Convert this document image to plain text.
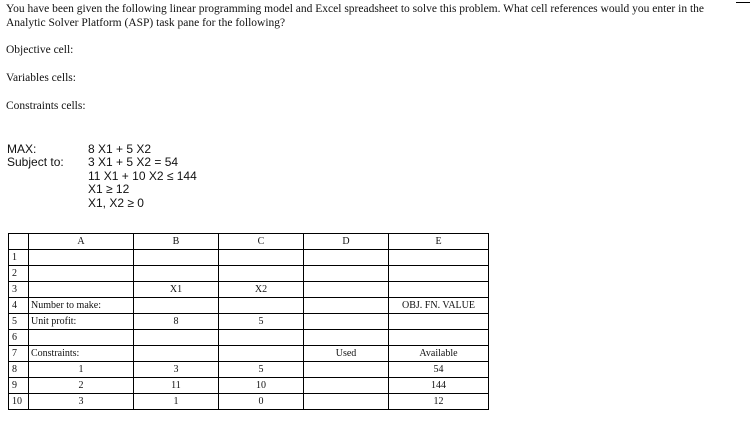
You have been given the following linear programming model and Excel spreadsheet to solve this problem. What cell references would you enter in the Analytic Solver Platform (ASP) task pane for the following?
Objective cell:
Variables cells:
Constraints cells:
MAX:	8 X1 + 5 X2
Subject to: 3 X1 + 5 X2 = 54
11 X1 + 10 X2 ≤ 144
X1 ≥ 12
X1, X2 ≥ 0
	A	B	C	D	E
1					
2					
3		X1	X2		
4	Number to make:				OBJ. FN. VALUE
5	Unit profit:	8	5		
6					
7	Constraints:			Used	Available
8	1	3	5		54
9	2	11	10		144
10	3	1	0		12
